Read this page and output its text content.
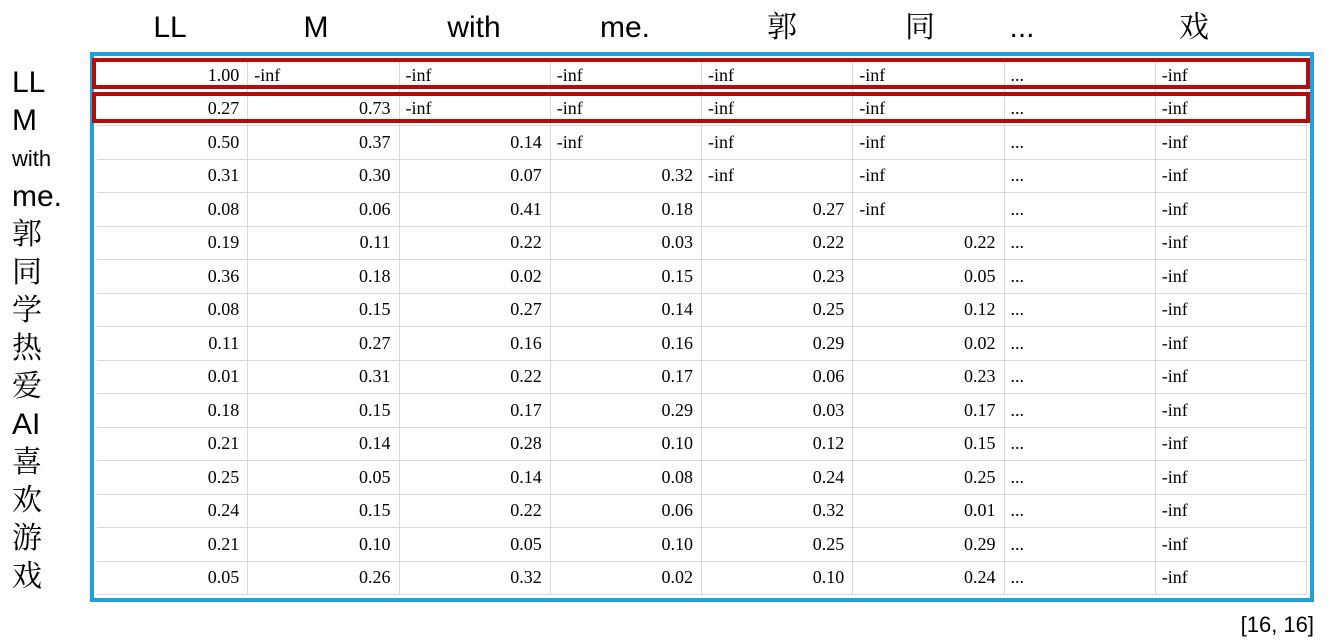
LL	M	with	me.	郭	同	...	戏
LL
M
with
me.
郭
同
学
热
爱
AI
喜
欢
游
戏
1.00 -inf	-inf	-inf	-inf	-inf	...	-inf
0.27	0.73 -inf	-inf	-inf	-inf	...	-inf
0.50	0.37	0.14 -inf	-inf	-inf	...	-inf
0.31	0.30	0.07	0.32 -inf	-inf	...	-inf
0.08	0.06	0.41	0.18	0.27 -inf	...	-inf
0.19	0.11	0.22	0.03	0.22	0.22 ...	-inf
0.36	0.18	0.02	0.15	0.23	0.05 ...	-inf
0.08	0.15	0.27	0.14	0.25	0.12 ...	-inf
0.11	0.27	0.16	0.16	0.29	0.02 ...	-inf
0.01	0.31	0.22	0.17	0.06	0.23 ...	-inf
0.18	0.15	0.17	0.29	0.03	0.17 ...	-inf
0.21	0.14	0.28	0.10	0.12	0.15 ...	-inf
0.25	0.05	0.14	0.08	0.24	0.25 ...	-inf
0.24	0.15	0.22	0.06	0.32	0.01 ...	-inf
0.21	0.10	0.05	0.10	0.25	0.29 ...	-inf
0.05	0.26	0.32	0.02	0.10	0.24 ...	-inf
[16, 16]
